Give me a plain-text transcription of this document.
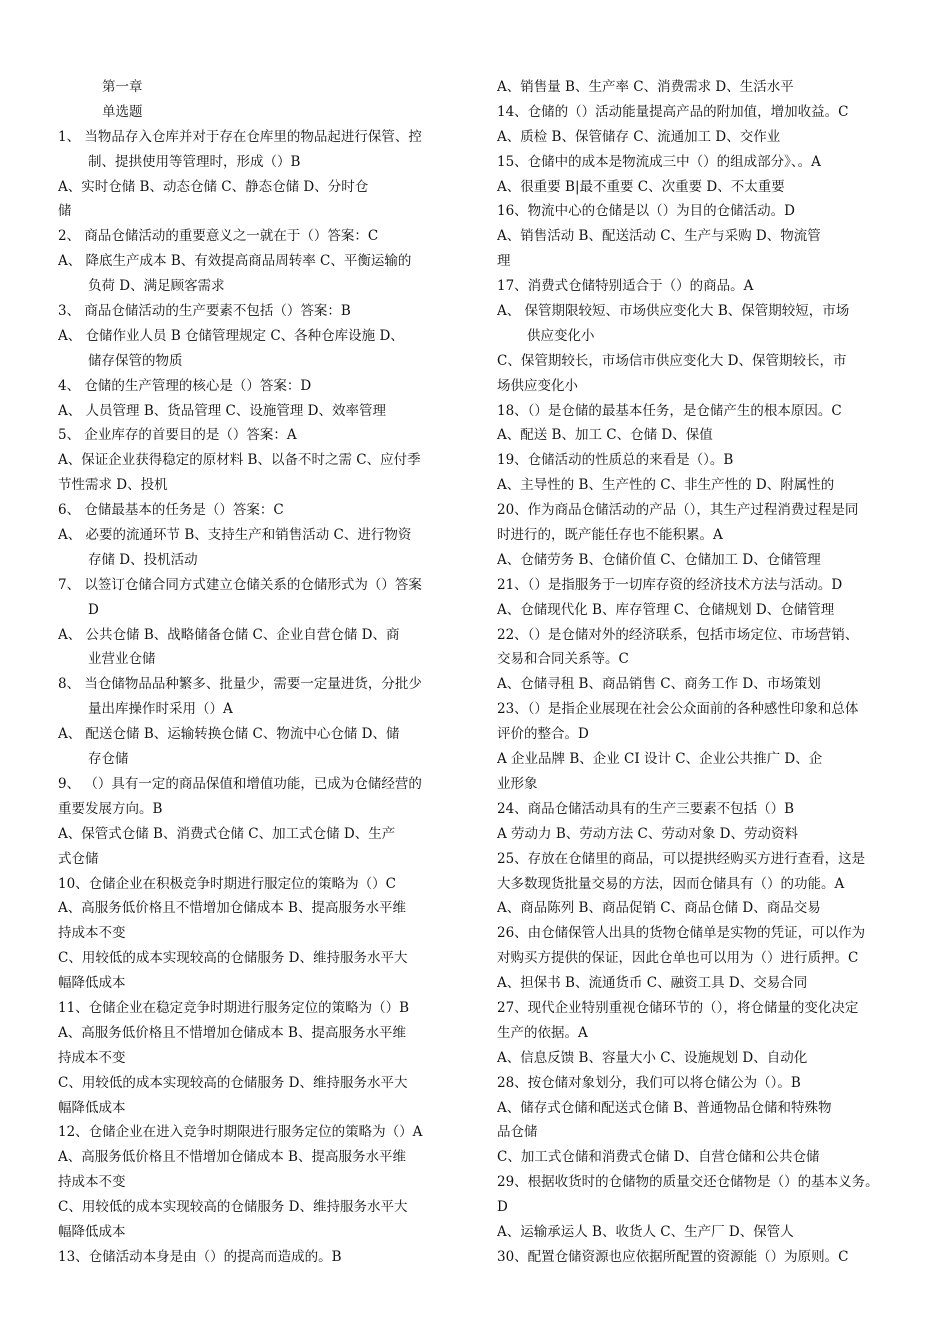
第一章
单选题
1、 当物品存入仓库并对于存在仓库里的物品起进行保管、控
制、提拱使用等管理时，形成（）B
A、实时仓储 B、动态仓储 C、静态仓储 D、分时仓
储
2、 商品仓储活动的重要意义之一就在于（）答案：C
A、 降底生产成本 B、有效提高商品周转率 C、平衡运输的
负荷 D、满足顾客需求
3、 商品仓储活动的生产要素不包括（）答案：B
A、 仓储作业人员 B 仓储管理规定 C、各种仓库设施 D、
储存保管的物质
4、 仓储的生产管理的核心是（）答案：D
A、 人员管理 B、货品管理 C、设施管理 D、效率管理
5、 企业库存的首要目的是（）答案：A
A、保证企业获得稳定的原材料 B、以备不时之需 C、应付季
节性需求 D、投机
6、 仓储最基本的任务是（）答案：C
A、 必要的流通环节 B、支持生产和销售活动 C、进行物资
存储 D、投机活动
7、 以签订仓储合同方式建立仓储关系的仓储形式为（）答案
D
A、 公共仓储 B、战略储备仓储 C、企业自营仓储 D、商
业营业仓储
8、 当仓储物品品种繁多、批量少，需要一定量进货，分批少
量出库操作时采用（）A
A、 配送仓储 B、运输转换仓储 C、物流中心仓储 D、储
存仓储
9、 （）具有一定的商品保值和增值功能，已成为仓储经营的
重要发展方向。B
A、保管式仓储 B、消费式仓储 C、加工式仓储 D、生产
式仓储
10、仓储企业在积极竞争时期进行服定位的策略为（）C
A、高服务低价格且不惜增加仓储成本 B、提高服务水平维
持成本不变
C、用较低的成本实现较高的仓储服务 D、维持服务水平大
幅降低成本
11、仓储企业在稳定竞争时期进行服务定位的策略为（）B
A、高服务低价格且不惜增加仓储成本 B、提高服务水平维
持成本不变
C、用较低的成本实现较高的仓储服务 D、维持服务水平大
幅降低成本
12、仓储企业在进入竞争时期限进行服务定位的策略为（）A
A、高服务低价格且不惜增加仓储成本 B、提高服务水平维
持成本不变
C、用较低的成本实现较高的仓储服务 D、维持服务水平大
幅降低成本
13、仓储活动本身是由（）的提高而造成的。B
A、销售量 B、生产率 C、消费需求 D、生活水平
14、仓储的（）活动能量提高产品的附加值，增加收益。C
A、质检 B、保管储存 C、流通加工 D、交作业
15、仓储中的成本是物流成三中（）的组成部分》、。A
A、很重要 B|最不重要 C、次重要 D、不太重要
16、物流中心的仓储是以（）为目的仓储活动。D
A、销售活动 B、配送活动 C、生产与采购 D、物流管
理
17、消费式仓储特别适合于（）的商品。A
A、 保管期限较短、市场供应变化大 B、保管期较短，市场
供应变化小
C、保管期较长，市场信市供应变化大 D、保管期较长，市
场供应变化小
18、（）是仓储的最基本任务，是仓储产生的根本原因。C
A、配送 B、加工 C、仓储 D、保值
19、仓储活动的性质总的来看是（）。B
A、主导性的 B、生产性的 C、非生产性的 D、附属性的
20、作为商品仓储活动的产品（），其生产过程消费过程是同
时进行的，既产能任存也不能积累。A
A、仓储劳务 B、仓储价值 C、仓储加工 D、仓储管理
21、（）是指服务于一切库存资的经济技术方法与活动。D
A、仓储现代化 B、库存管理 C、仓储规划 D、仓储管理
22、（）是仓储对外的经济联系，包括市场定位、市场营销、
交易和合同关系等。C
A、仓储寻租 B、商品销售 C、商务工作 D、市场策划
23、（）是指企业展现在社会公众面前的各种感性印象和总体
评价的整合。D
A 企业品牌 B、企业 CI 设计 C、企业公共推广 D、企
业形象
24、商品仓储活动具有的生产三要素不包括（）B
A 劳动力 B、劳动方法 C、劳动对象 D、劳动资料
25、存放在仓储里的商品，可以提拱经购买方进行查看，这是
大多数现货批量交易的方法，因而仓储具有（）的功能。A
A、商品陈列 B、商品促销 C、商品仓储 D、商品交易
26、由仓储保管人出具的货物仓储单是实物的凭证，可以作为
对购买方提供的保证，因此仓单也可以用为（）进行质押。C
A、担保书 B、流通货币 C、融资工具 D、交易合同
27、现代企业特别重视仓储环节的（），将仓储量的变化决定
生产的依据。A
A、信息反馈 B、容量大小 C、设施规划 D、自动化
28、按仓储对象划分，我们可以将仓储公为（）。B
A、储存式仓储和配送式仓储 B、普通物品仓储和特殊物
品仓储
C、加工式仓储和消费式仓储 D、自营仓储和公共仓储
29、根据收货时的仓储物的质量交还仓储物是（）的基本义务。
D
A、运输承运人 B、收货人 C、生产厂 D、保管人
30、配置仓储资源也应依据所配置的资源能（）为原则。C
